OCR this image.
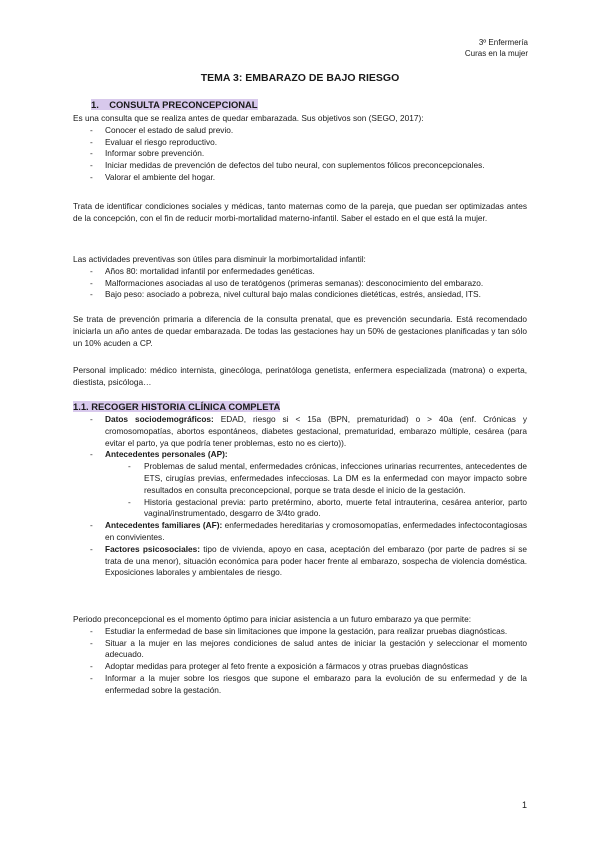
3º Enfermería
Curas en la mujer
TEMA 3: EMBARAZO DE BAJO RIESGO
1.    CONSULTA PRECONCEPCIONAL

Es una consulta que se realiza antes de quedar embarazada. Sus objetivos son (SEGO, 2017):

- Conocer el estado de salud previo.
- Evaluar el riesgo reproductivo.
- Informar sobre prevención.
- Iniciar medidas de prevención de defectos del tubo neural, con suplementos fólicos preconcepcionales.
- Valorar el ambiente del hogar.
Trata de identificar condiciones sociales y médicas, tanto maternas como de la pareja, que puedan ser optimizadas antes de la concepción, con el fin de reducir morbi-mortalidad materno-infantil. Saber el estado en el que está la mujer.

Las actividades preventivas son útiles para disminuir la morbimortalidad infantil:

- Años 80: mortalidad infantil por enfermedades genéticas.
- Malformaciones asociadas al uso de teratógenos (primeras semanas): desconocimiento del embarazo.
- Bajo peso: asociado a pobreza, nivel cultural bajo malas condiciones dietéticas, estrés, ansiedad, ITS.
Se trata de prevención primaria a diferencia de la consulta prenatal, que es prevención secundaria. Está recomendado iniciarla un año antes de quedar embarazada. De todas las gestaciones hay un 50% de gestaciones planificadas y tan sólo un 10% acuden a CP.
Personal implicado: médico internista, ginecóloga, perinatóloga genetista, enfermera especializada (matrona) o experta, diestista, psicóloga…
1.1. RECOGER HISTORIA CLÍNICA COMPLETA
- Datos sociodemográficos: EDAD, riesgo si < 15a (BPN, prematuridad) o > 40a (enf. Crónicas y cromosomopatías, abortos espontáneos, diabetes gestacional, prematuridad, embarazo múltiple, cesárea (para evitar el parto, ya que podría tener problemas, esto no es cierto)).
- Antecedentes personales (AP):
- Problemas de salud mental, enfermedades crónicas, infecciones urinarias recurrentes, antecedentes de ETS, cirugías previas, enfermedades infecciosas. La DM es la enfermedad con mayor impacto sobre resultados en consulta preconcepcional, porque se trata desde el inicio de la gestación.
- Historia gestacional previa: parto pretérmino, aborto, muerte fetal intrauterina, cesárea anterior, parto vaginal/instrumentado, desgarro de 3/4to grado.
- Antecedentes familiares (AF): enfermedades hereditarias y cromosomopatías, enfermedades infectocontagiosas en convivientes.
- Factores psicosociales: tipo de vivienda, apoyo en casa, aceptación del embarazo (por parte de padres si se trata de una menor), situación económica para poder hacer frente al embarazo, sospecha de violencia doméstica. Exposiciones laborales y ambientales de riesgo.

Periodo preconcepcional es el momento óptimo para iniciar asistencia a un futuro embarazo ya que permite:

- Estudiar la enfermedad de base sin limitaciones que impone la gestación, para realizar pruebas diagnósticas.
- Situar a la mujer en las mejores condiciones de salud antes de iniciar la gestación y seleccionar el momento adecuado.
- Adoptar medidas para proteger al feto frente a exposición a fármacos y otras pruebas diagnósticas
- Informar a la mujer sobre los riesgos que supone el embarazo para la evolución de su enfermedad y de la enfermedad sobre la gestación.
1
